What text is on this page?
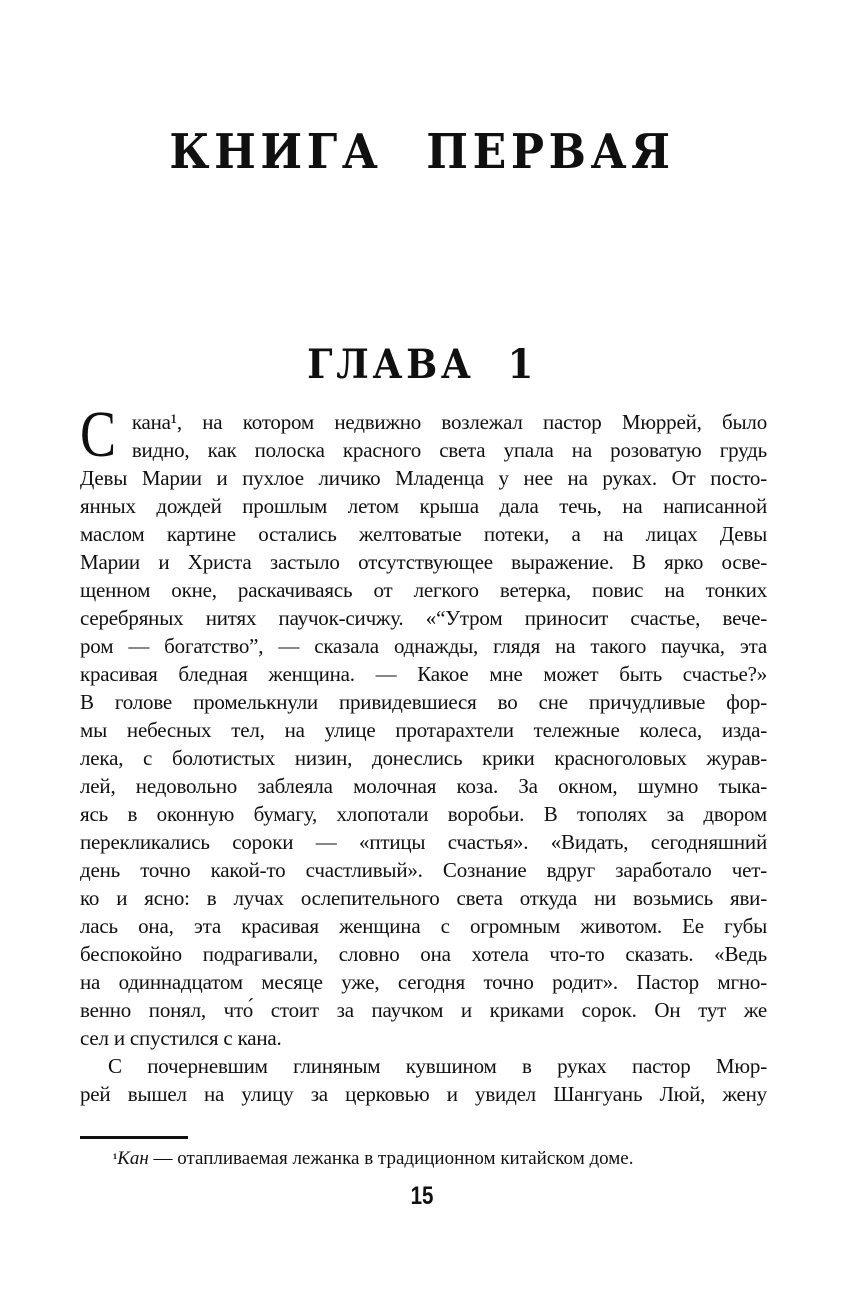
КНИГА ПЕРВАЯ
ГЛАВА 1
С кана¹, на котором недвижно возлежал пастор Мюррей, было
видно, как полоска красного света упала на розоватую грудь
Девы Марии и пухлое личико Младенца у нее на руках. От посто-
янных дождей прошлым летом крыша дала течь, на написанной
маслом картине остались желтоватые потеки, а на лицах Девы
Марии и Христа застыло отсутствующее выражение. В ярко осве-
щенном окне, раскачиваясь от легкого ветерка, повис на тонких
серебряных нитях паучок-сичжу. «“Утром приносит счастье, вече-
ром — богатство”, — сказала однажды, глядя на такого паучка, эта
красивая бледная женщина. — Какое мне может быть счастье?»
В голове промелькнули привидевшиеся во сне причудливые фор-
мы небесных тел, на улице протарахтели тележные колеса, изда-
лека, с болотистых низин, донеслись крики красноголовых журав-
лей, недовольно заблеяла молочная коза. За окном, шумно тыка-
ясь в оконную бумагу, хлопотали воробьи. В тополях за двором
перекликались сороки — «птицы счастья». «Видать, сегодняшний
день точно какой-то счастливый». Сознание вдруг заработало чет-
ко и ясно: в лучах ослепительного света откуда ни возьмись яви-
лась она, эта красивая женщина с огромным животом. Ее губы
беспокойно подрагивали, словно она хотела что-то сказать. «Ведь
на одиннадцатом месяце уже, сегодня точно родит». Пастор мгно-
венно понял, что́ стоит за паучком и криками сорок. Он тут же
сел и спустился с кана.
С почерневшим глиняным кувшином в руках пастор Мюр-
рей вышел на улицу за церковью и увидел Шангуань Люй, жену
¹Кан — отапливаемая лежанка в традиционном китайском доме.
15
